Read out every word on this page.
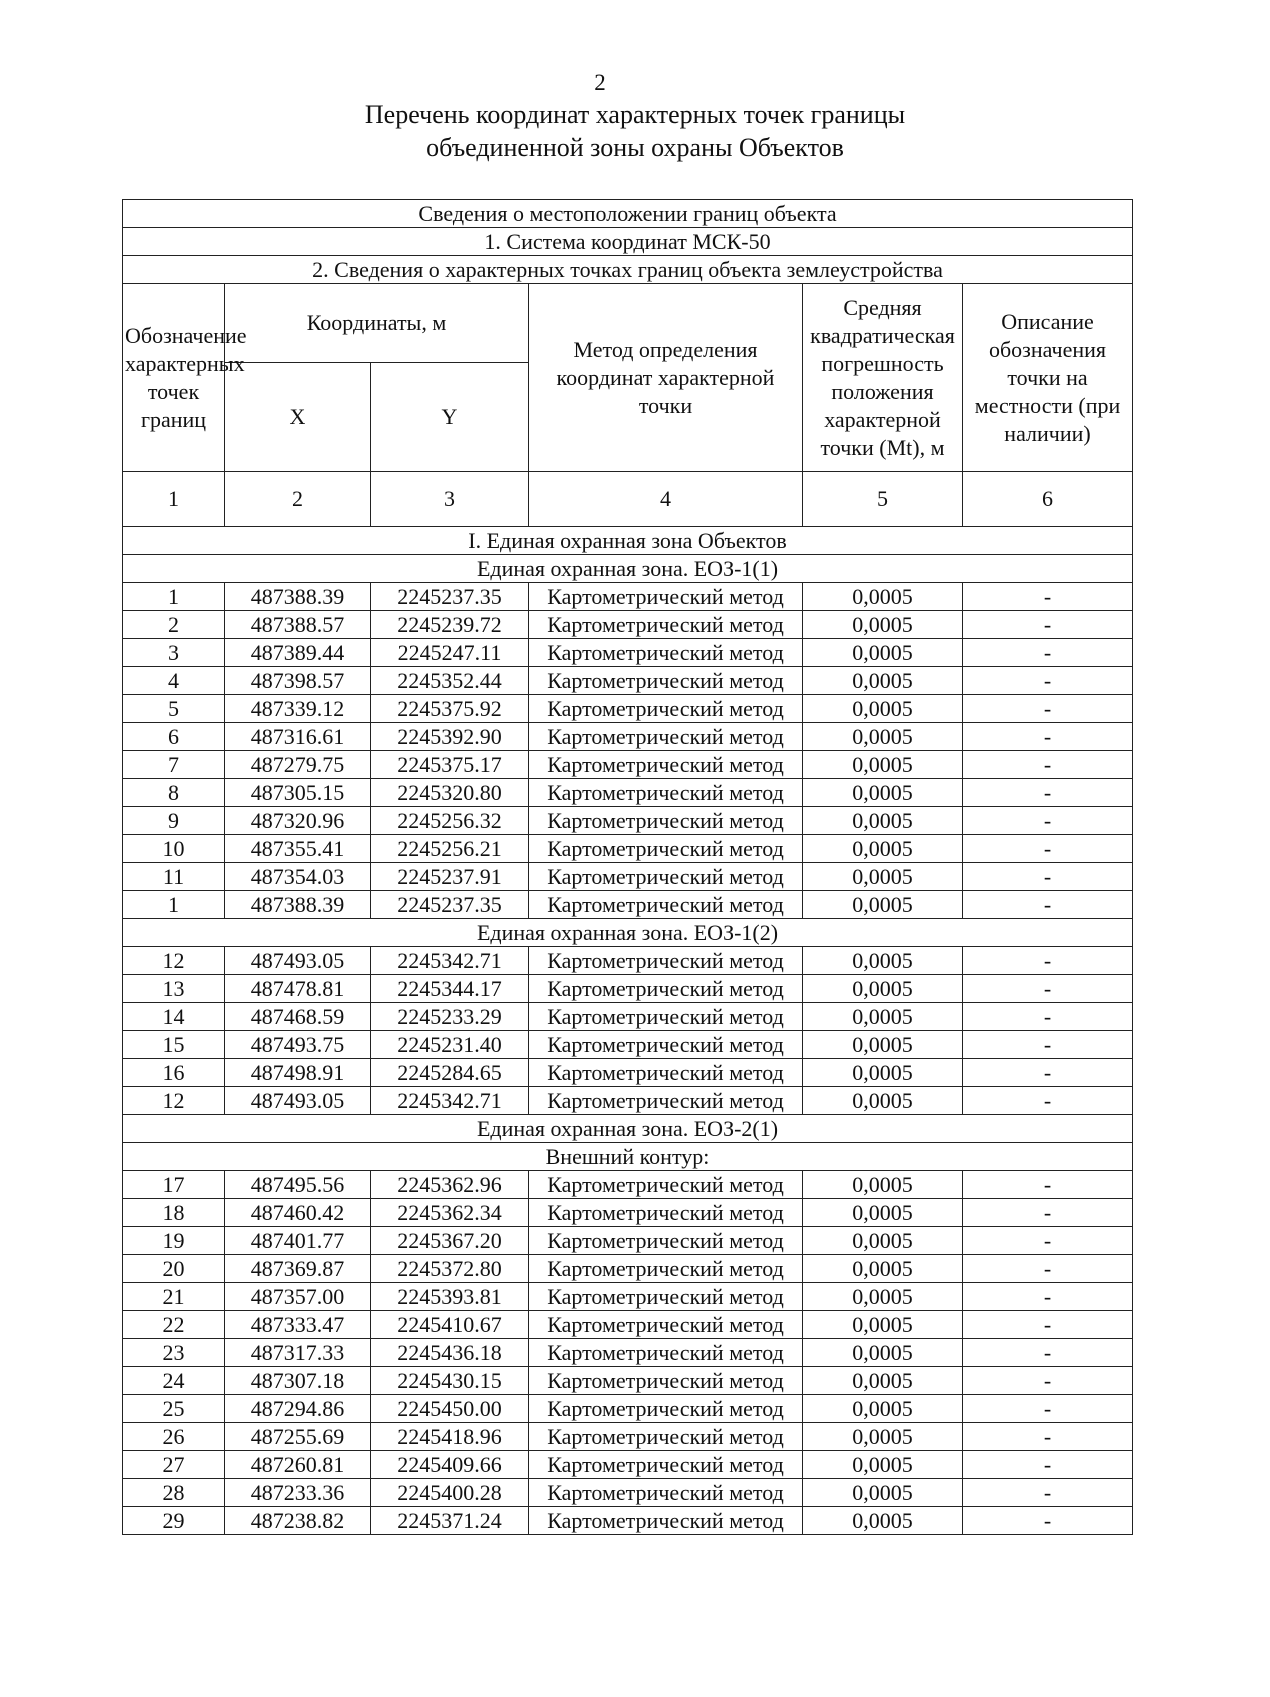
2
Перечень координат характерных точек границы
объединенной зоны охраны Объектов
Сведения о местоположении границ объекта					
1. Система координат МСК-50					
2. Сведения о характерных точках границ объекта землеустройства					
Обозначение характерных точек границ	Координаты, м		Метод определения координат характерной точки	Средняя квадратическая погрешность положения характерной точки (Mt), м	Описание обозначения точки на местности (при наличии)
	X	Y			
1	2	3	4	5	6
I. Единая охранная зона Объектов					
Единая охранная зона. ЕОЗ-1(1)					
1	487388.39	2245237.35	Картометрический метод	0,0005	-
2	487388.57	2245239.72	Картометрический метод	0,0005	-
3	487389.44	2245247.11	Картометрический метод	0,0005	-
4	487398.57	2245352.44	Картометрический метод	0,0005	-
5	487339.12	2245375.92	Картометрический метод	0,0005	-
6	487316.61	2245392.90	Картометрический метод	0,0005	-
7	487279.75	2245375.17	Картометрический метод	0,0005	-
8	487305.15	2245320.80	Картометрический метод	0,0005	-
9	487320.96	2245256.32	Картометрический метод	0,0005	-
10	487355.41	2245256.21	Картометрический метод	0,0005	-
11	487354.03	2245237.91	Картометрический метод	0,0005	-
1	487388.39	2245237.35	Картометрический метод	0,0005	-
Единая охранная зона. ЕОЗ-1(2)					
12	487493.05	2245342.71	Картометрический метод	0,0005	-
13	487478.81	2245344.17	Картометрический метод	0,0005	-
14	487468.59	2245233.29	Картометрический метод	0,0005	-
15	487493.75	2245231.40	Картометрический метод	0,0005	-
16	487498.91	2245284.65	Картометрический метод	0,0005	-
12	487493.05	2245342.71	Картометрический метод	0,0005	-
Единая охранная зона. ЕОЗ-2(1)					
Внешний контур:					
17	487495.56	2245362.96	Картометрический метод	0,0005	-
18	487460.42	2245362.34	Картометрический метод	0,0005	-
19	487401.77	2245367.20	Картометрический метод	0,0005	-
20	487369.87	2245372.80	Картометрический метод	0,0005	-
21	487357.00	2245393.81	Картометрический метод	0,0005	-
22	487333.47	2245410.67	Картометрический метод	0,0005	-
23	487317.33	2245436.18	Картометрический метод	0,0005	-
24	487307.18	2245430.15	Картометрический метод	0,0005	-
25	487294.86	2245450.00	Картометрический метод	0,0005	-
26	487255.69	2245418.96	Картометрический метод	0,0005	-
27	487260.81	2245409.66	Картометрический метод	0,0005	-
28	487233.36	2245400.28	Картометрический метод	0,0005	-
29	487238.82	2245371.24	Картометрический метод	0,0005	-
